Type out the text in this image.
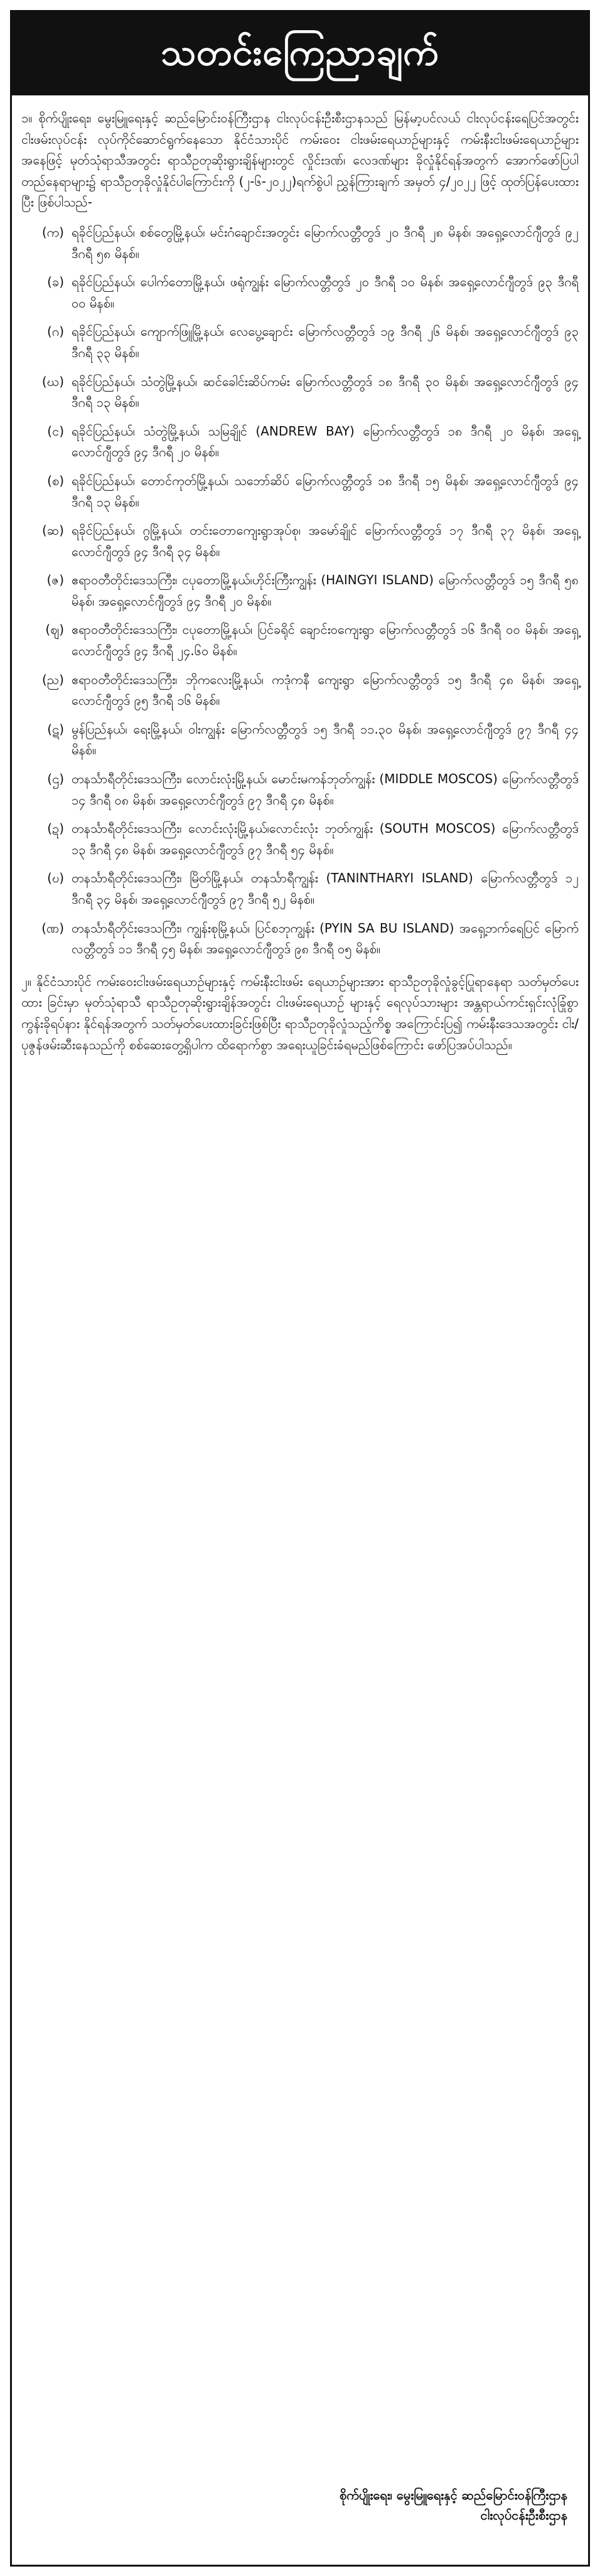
သတင်းကြေညာချက်

၁။ စိုက်ပျိုးရေး၊ မွေးမြူရေးနှင့် ဆည်မြောင်းဝန်ကြီးဌာန ငါးလုပ်ငန်းဦးစီးဌာနသည် မြန်မာ့ပင်လယ် ငါးလုပ်ငန်းရေပြင်အတွင်း ငါးဖမ်းလုပ်ငန်း လုပ်ကိုင်ဆောင်ရွက်နေသော နိုင်ငံသားပိုင် ကမ်းဝေး ငါးဖမ်းရေယာဉ်များနှင့် ကမ်းနီးငါးဖမ်းရေယာဉ်များအနေဖြင့် မုတ်သုံရာသီအတွင်း ရာသီဥတုဆိုးရွားချိန်များတွင် လှိုင်းဒဏ်၊ လေဒဏ်များ ခိုလှုံနိုင်ရန်အတွက် အောက်ဖော်ပြပါ တည်နေရာများ၌ ရာသီဥတုခိုလှုံနိုင်ပါကြောင်းကို (၂-၆-၂၀၂၂)ရက်စွဲပါ ညွှန်ကြားချက် အမှတ် ၄/၂၀၂၂ ဖြင့် ထုတ်ပြန်ပေးထားပြီး ဖြစ်ပါသည်-

(က) ရခိုင်ပြည်နယ်၊ စစ်တွေမြို့နယ်၊ မင်းဂံချောင်းအတွင်း မြောက်လတ္တီတွဒ် ၂၀ ဒီဂရီ ၂၈ မိနစ်၊ အရှေ့လောင်ဂျီတွဒ် ၉၂ ဒီဂရီ ၅၈ မိနစ်။
(ခ) ရခိုင်ပြည်နယ်၊ ပေါက်တောမြို့နယ်၊ ဖရုံကျွန်း မြောက်လတ္တီတွဒ် ၂၀ ဒီဂရီ ၁၀ မိနစ်၊ အရှေ့လောင်ဂျီတွဒ် ၉၃ ဒီဂရီ ၀၀ မိနစ်။
(ဂ) ရခိုင်ပြည်နယ်၊ ကျောက်ဖြူမြို့နယ်၊ လေပွေ့ချောင်း မြောက်လတ္တီတွဒ် ၁၉ ဒီဂရီ ၂၆ မိနစ်၊ အရှေ့လောင်ဂျီတွဒ် ၉၃ ဒီဂရီ ၃၃ မိနစ်။
(ဃ) ရခိုင်ပြည်နယ်၊ သံတွဲမြို့နယ်၊ ဆင်ခေါင်းဆိပ်ကမ်း မြောက်လတ္တီတွဒ် ၁၈ ဒီဂရီ ၃၀ မိနစ်၊ အရှေ့လောင်ဂျီတွဒ် ၉၄ ဒီဂရီ ၁၃ မိနစ်။
(င) ရခိုင်ပြည်နယ်၊ သံတွဲမြို့နယ်၊ သမြချိုင် (ANDREW BAY) မြောက်လတ္တီတွဒ် ၁၈ ဒီဂရီ ၂၀ မိနစ်၊ အရှေ့လောင်ဂျီတွဒ် ၉၄ ဒီဂရီ ၂၀ မိနစ်။
(စ) ရခိုင်ပြည်နယ်၊ တောင်ကုတ်မြို့နယ်၊ သဘော်ဆိပ် မြောက်လတ္တီတွဒ် ၁၈ ဒီဂရီ ၁၅ မိနစ်၊ အရှေ့လောင်ဂျီတွဒ် ၉၄ ဒီဂရီ ၁၃ မိနစ်။
(ဆ) ရခိုင်ပြည်နယ်၊ ဂွမြို့နယ်၊ တင်းတောကျေးရွာအုပ်စု၊ အမော်ချိုင် မြောက်လတ္တီတွဒ် ၁၇ ဒီဂရီ ၃၇ မိနစ်၊ အရှေ့လောင်ဂျီတွဒ် ၉၄ ဒီဂရီ ၃၄ မိနစ်။
(ဇ) ဧရာဝတီတိုင်းဒေသကြီး၊ ငပုတောမြို့နယ်၊ဟိုင်းကြီးကျွန်း (HAINGYI ISLAND) မြောက်လတ္တီတွဒ် ၁၅ ဒီဂရီ ၅၈ မိနစ်၊ အရှေ့လောင်ဂျီတွဒ် ၉၄ ဒီဂရီ ၂၀ မိနစ်။
(ဈ) ဧရာဝတီတိုင်းဒေသကြီး၊ ငပုတောမြို့နယ်၊ ပြင်ခရိုင် ချောင်းဝကျေးရွာ မြောက်လတ္တီတွဒ် ၁၆ ဒီဂရီ ၀၀ မိနစ်၊ အရှေ့လောင်ဂျီတွဒ် ၉၄ ဒီဂရီ ၂၄.၆၀ မိနစ်။
(ည) ဧရာဝတီတိုင်းဒေသကြီး၊ ဘိုကလေးမြို့နယ်၊ ကဒုံကနီ ကျေးရွာ မြောက်လတ္တီတွဒ် ၁၅ ဒီဂရီ ၄၈ မိနစ်၊ အရှေ့လောင်ဂျီတွဒ် ၉၅ ဒီဂရီ ၁၆ မိနစ်။
(ဋ) မွန်ပြည်နယ်၊ ရေးမြို့နယ်၊ ဝါးကျွန်း မြောက်လတ္တီတွဒ် ၁၅ ဒီဂရီ ၁၁.၃၀ မိနစ်၊ အရှေ့လောင်ဂျီတွဒ် ၉၇ ဒီဂရီ ၄၄ မိနစ်။
(ဌ) တနင်္သာရီတိုင်းဒေသကြီး၊ လောင်းလုံးမြို့နယ်၊ မောင်းမကန်ဘုတ်ကျွန်း (MIDDLE MOSCOS) မြောက်လတ္တီတွဒ် ၁၄ ဒီဂရီ ၀၈ မိနစ်၊ အရှေ့လောင်ဂျီတွဒ် ၉၇ ဒီဂရီ ၄၈ မိနစ်။
(ဍ) တနင်္သာရီတိုင်းဒေသကြီး၊ လောင်းလုံးမြို့နယ်၊လောင်းလုံး ဘုတ်ကျွန်း (SOUTH MOSCOS) မြောက်လတ္တီတွဒ် ၁၃ ဒီဂရီ ၄၈ မိနစ်၊ အရှေ့လောင်ဂျီတွဒ် ၉၇ ဒီဂရီ ၅၄ မိနစ်။
(ဎ) တနင်္သာရီတိုင်းဒေသကြီး၊ မြိတ်မြို့နယ်၊ တနင်္သာရီကျွန်း (TANINTHARYI ISLAND) မြောက်လတ္တီတွဒ် ၁၂ ဒီဂရီ ၃၄ မိနစ်၊ အရှေ့လောင်ဂျီတွဒ် ၉၇ ဒီဂရီ ၅၂ မိနစ်။
(ဏ) တနင်္သာရီတိုင်းဒေသကြီး၊ ကျွန်းစုမြို့နယ်၊ ပြင်စဘုကျွန်း (PYIN SA BU ISLAND) အရှေ့ဘက်ရေပြင် မြောက်လတ္တီတွဒ် ၁၁ ဒီဂရီ ၄၅ မိနစ်၊ အရှေ့လောင်ဂျီတွဒ် ၉၈ ဒီဂရီ ၀၅ မိနစ်။

၂။ နိုင်ငံသားပိုင် ကမ်းဝေးငါးဖမ်းရေယာဉ်များနှင့် ကမ်းနီးငါးဖမ်း ရေယာဉ်များအား ရာသီဥတုခိုလှုံခွင့်ပြုရာနေရာ သတ်မှတ်ပေးထား ခြင်းမှာ မုတ်သုံရာသီ ရာသီဥတုဆိုးရွားချိန်အတွင်း ငါးဖမ်းရေယာဉ် များနှင့် ရေလုပ်သားများ အန္တရာယ်ကင်းရှင်းလုံခြုံစွာ ကွန်းခိုရပ်နား နိုင်ရန်အတွက် သတ်မှတ်ပေးထားခြင်းဖြစ်ပြီး ရာသီဥတုခိုလှုံသည့်ကိစ္စ အကြောင်းပြ၍ ကမ်းနီးဒေသအတွင်း ငါး/ပုဇွန်ဖမ်းဆီးနေသည်ကို စစ်ဆေးတွေ့ရှိပါက ထိရောက်စွာ အရေးယူခြင်းခံရမည်ဖြစ်ကြောင်း ဖော်ပြအပ်ပါသည်။

စိုက်ပျိုးရေး၊ မွေးမြူရေးနှင့် ဆည်မြောင်းဝန်ကြီးဌာန
ငါးလုပ်ငန်းဦးစီးဌာန
